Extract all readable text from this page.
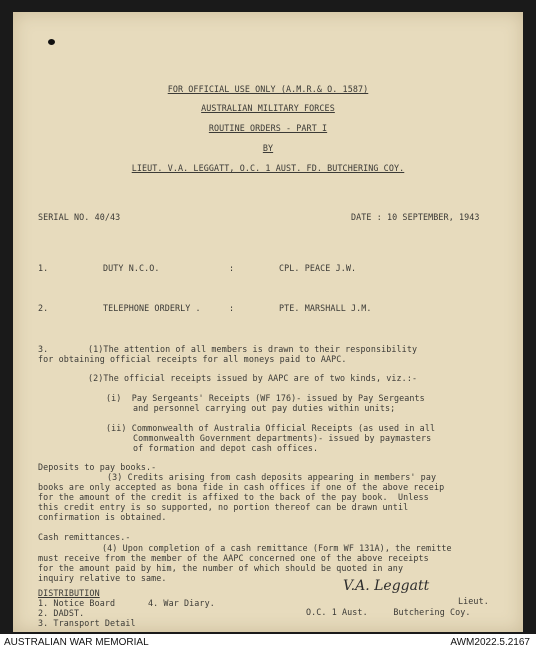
FOR OFFICIAL USE ONLY (A.M.R.& O. 1587)
AUSTRALIAN MILITARY FORCES
ROUTINE ORDERS - PART I
BY
LIEUT. V.A. LEGGATT, O.C. 1 AUST. FD. BUTCHERING COY.
SERIAL NO. 40/43	DATE : 10 SEPTEMBER, 1943
1.	DUTY N.C.O.	:	CPL. PEACE J.W.
2.	TELEPHONE ORDERLY .	:	PTE. MARSHALL J.M.
3.	(1)The attention of all members is drawn to their responsibility
for obtaining official receipts for all moneys paid to AAPC.
(2)The official receipts issued by AAPC are of two kinds, viz.:-
(i)  Pay Sergeants' Receipts (WF 176)- issued by Pay Sergeants
and personnel carrying out pay duties within units;
(ii) Commonwealth of Australia Official Receipts (as used in all
Commonwealth Government departments)- issued by paymasters
of formation and depot cash offices.
Deposits to pay books.-
(3) Credits arising from cash deposits appearing in members' pay
books are only accepted as bona fide in cash offices if one of the above receip
for the amount of the credit is affixed to the back of the pay book.  Unless
this credit entry is so supported, no portion thereof can be drawn until
confirmation is obtained.
Cash remittances.-
(4) Upon completion of a cash remittance (Form WF 131A), the remitte
must receive from the member of the AAPC concerned one of the above receipts
for the amount paid by him, the number of which should be quoted in any
inquiry relative to same.
DISTRIBUTION
1. Notice Board	4. War Diary.
2. DADST.
3. Transport Detail
V.A. Leggatt
Lieut.
O.C. 1 Aust.     Butchering Coy.
AUSTRALIAN WAR MEMORIAL	AWM2022.5.2167
